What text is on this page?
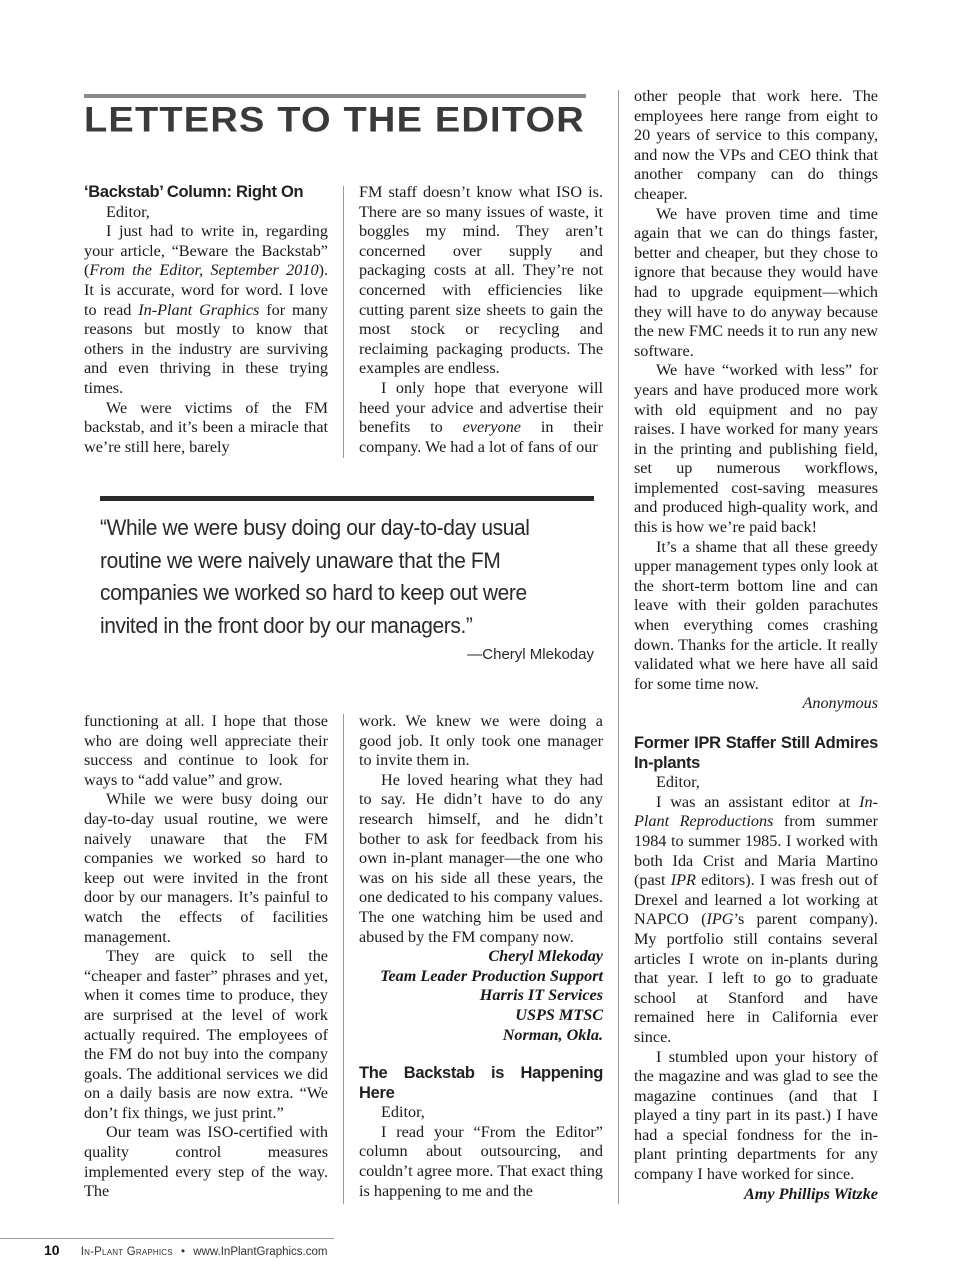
LETTERS TO THE EDITOR

‘Backstab’ Column: Right On

Editor,

I just had to write in, regarding your article, “Beware the Backstab” (From the Editor, September 2010). It is accurate, word for word. I love to read In-Plant Graphics for many reasons but mostly to know that others in the industry are surviving and even thriving in these trying times.

We were victims of the FM backstab, and it’s been a miracle that we’re still here, barely

FM staff doesn’t know what ISO is. There are so many issues of waste, it boggles my mind. They aren’t concerned over supply and packaging costs at all. They’re not concerned with efficiencies like cutting parent size sheets to gain the most stock or recycling and reclaiming packaging products. The examples are endless.

I only hope that everyone will heed your advice and advertise their benefits to everyone in their company. We had a lot of fans of our

“While we were busy doing our day-to-day usual routine we were naively unaware that the FM companies we worked so hard to keep out were invited in the front door by our managers.”
—Cheryl Mlekoday

functioning at all. I hope that those who are doing well appreciate their success and continue to look for ways to “add value” and grow.

While we were busy doing our day-to-day usual routine, we were naively unaware that the FM companies we worked so hard to keep out were invited in the front door by our managers. It’s painful to watch the effects of facilities management.

They are quick to sell the “cheaper and faster” phrases and yet, when it comes time to produce, they are surprised at the level of work actually required. The employees of the FM do not buy into the company goals. The additional services we did on a daily basis are now extra. “We don’t fix things, we just print.”

Our team was ISO-certified with quality control measures implemented every step of the way. The

work. We knew we were doing a good job. It only took one manager to invite them in.

He loved hearing what they had to say. He didn’t have to do any research himself, and he didn’t bother to ask for feedback from his own in-plant manager—the one who was on his side all these years, the one dedicated to his company values. The one watching him be used and abused by the FM company now.

Cheryl Mlekoday

Team Leader Production Support

Harris IT Services

USPS MTSC

Norman, Okla.

The Backstab is Happening Here

Editor,

I read your “From the Editor” column about outsourcing, and couldn’t agree more. That exact thing is happening to me and the

other people that work here. The employees here range from eight to 20 years of service to this company, and now the VPs and CEO think that another company can do things cheaper.

We have proven time and time again that we can do things faster, better and cheaper, but they chose to ignore that because they would have had to upgrade equipment—which they will have to do anyway because the new FMC needs it to run any new software.

We have “worked with less” for years and have produced more work with old equipment and no pay raises. I have worked for many years in the printing and publishing field, set up numerous workflows, implemented cost-saving measures and produced high-quality work, and this is how we’re paid back!

It’s a shame that all these greedy upper management types only look at the short-term bottom line and can leave with their golden parachutes when everything comes crashing down. Thanks for the article. It really validated what we here have all said for some time now.

Anonymous

Former IPR Staffer Still Admires In-plants

Editor,

I was an assistant editor at In-Plant Reproductions from summer 1984 to summer 1985. I worked with both Ida Crist and Maria Martino (past IPR editors). I was fresh out of Drexel and learned a lot working at NAPCO (IPG’s parent company). My portfolio still contains several articles I wrote on in-plants during that year. I left to go to graduate school at Stanford and have remained here in California ever since.

I stumbled upon your history of the magazine and was glad to see the magazine continues (and that I played a tiny part in its past.) I have had a special fondness for the in-plant printing departments for any company I have worked for since.

Amy Phillips Witzke

10 In-Plant Graphics • www.InPlantGraphics.com
